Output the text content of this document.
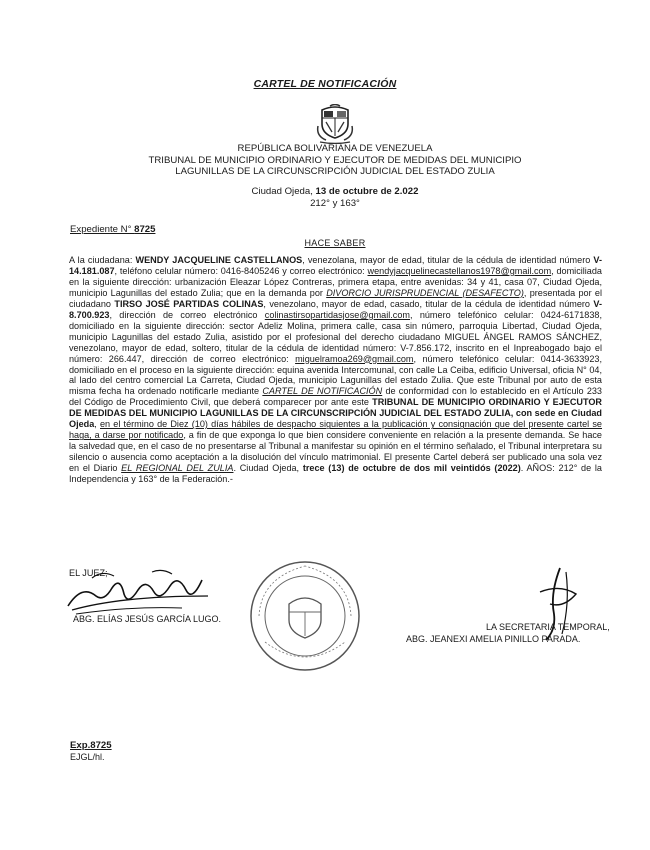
CARTEL DE NOTIFICACIÓN
REPÚBLICA BOLIVARIANA DE VENEZUELA
TRIBUNAL DE MUNICIPIO ORDINARIO Y EJECUTOR DE MEDIDAS DEL MUNICIPIO
LAGUNILLAS DE LA CIRCUNSCRIPCIÓN JUDICIAL DEL ESTADO ZULIA
Ciudad Ojeda, 13 de octubre de 2.022
212° y 163°
Expediente N° 8725
HACE SABER
A la ciudadana: WENDY JACQUELINE CASTELLANOS, venezolana, mayor de edad, titular de la cédula de identidad número V-14.181.087, teléfono celular número: 0416-8405246 y correo electrónico: wendyjacquelinecastellanos1978@gmail.com, domiciliada en la siguiente dirección: urbanización Eleazar López Contreras, primera etapa, entre avenidas: 34 y 41, casa 07, Ciudad Ojeda, municipio Lagunillas del estado Zulia; que en la demanda por DIVORCIO JURISPRUDENCIAL (DESAFECTO), presentada por el ciudadano TIRSO JOSÉ PARTIDAS COLINAS, venezolano, mayor de edad, casado, titular de la cédula de identidad número V-8.700.923, dirección de correo electrónico colinastirsopartidasjose@gmail.com, número telefónico celular: 0424-6171838, domiciliado en la siguiente dirección: sector Adeliz Molina, primera calle, casa sin número, parroquia Libertad, Ciudad Ojeda, municipio Lagunillas del estado Zulia, asistido por el profesional del derecho ciudadano MIGUEL ÁNGEL RAMOS SÁNCHEZ, venezolano, mayor de edad, soltero, titular de la cédula de identidad número: V-7.856.172, inscrito en el Inpreabogado bajo el número: 266.447, dirección de correo electrónico: miguelramoa269@gmail.com, número telefónico celular: 0414-3633923, domiciliado en el proceso en la siguiente dirección: equina avenida Intercomunal, con calle La Ceiba, edificio Universal, oficia N° 04, al lado del centro comercial La Carreta, Ciudad Ojeda, municipio Lagunillas del estado Zulia. Que este Tribunal por auto de esta misma fecha ha ordenado notificarle mediante CARTEL DE NOTIFICACIÓN de conformidad con lo establecido en el Artículo 233 del Código de Procedimiento Civil, que deberá comparecer por ante este TRIBUNAL DE MUNICIPIO ORDINARIO Y EJECUTOR DE MEDIDAS DEL MUNICIPIO LAGUNILLAS DE LA CIRCUNSCRIPCIÓN JUDICIAL DEL ESTADO ZULIA, con sede en Ciudad Ojeda, en el término de Diez (10) días hábiles de despacho siguientes a la publicación y consignación que del presente cartel se haga, a darse por notificado, a fin de que exponga lo que bien considere conveniente en relación a la presente demanda. Se hace la salvedad que, en el caso de no presentarse al Tribunal a manifestar su opinión en el término señalado, el Tribunal interpretara su silencio o ausencia como aceptación a la disolución del vínculo matrimonial. El presente Cartel deberá ser publicado una sola vez en el Diario EL REGIONAL DEL ZULIA. Ciudad Ojeda, trece (13) de octubre de dos mil veintidós (2022). AÑOS: 212° de la Independencia y 163° de la Federación.-
EL JUEZ;
ABG. ELÍAS JESÚS GARCÍA LUGO.
LA SECRETARIA TEMPORAL,
ABG. JEANEXI AMELIA PINILLO PARADA.
Exp.8725
EJGL/hl.
